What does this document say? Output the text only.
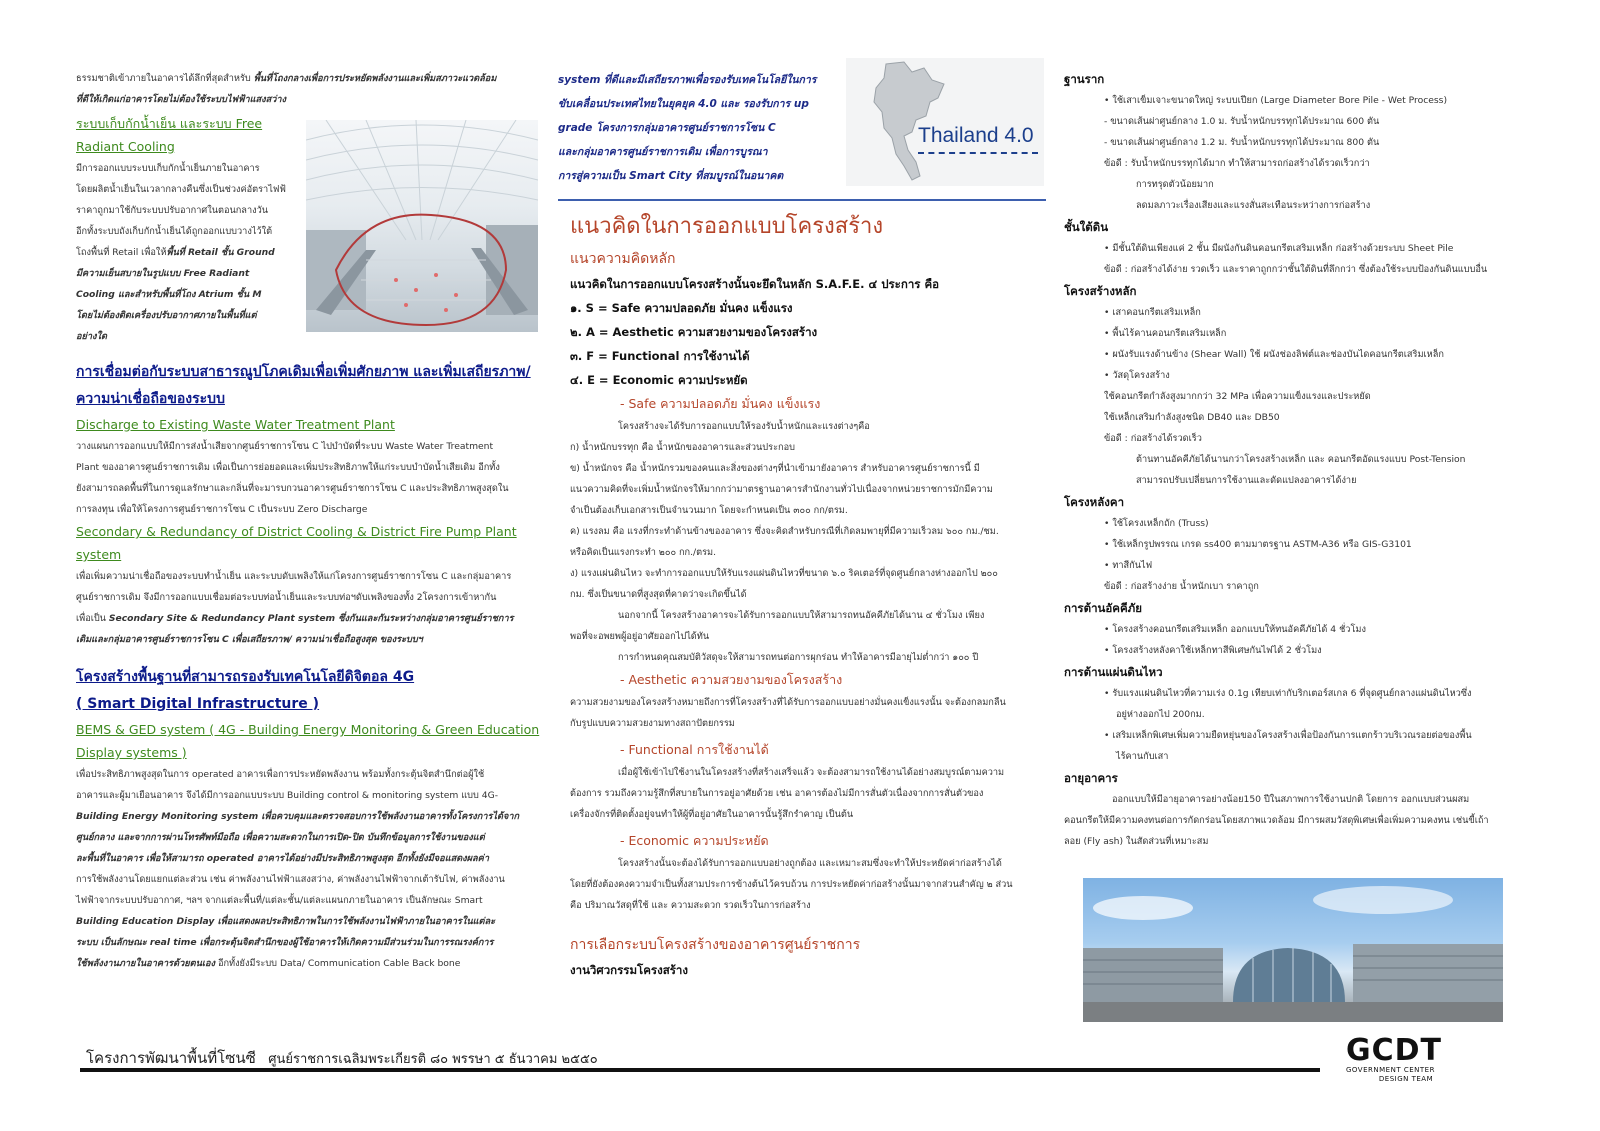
ธรรมชาติเข้าภายในอาคารได้ลึกที่สุดสำหรับ พื้นที่โถงกลางเพื่อการประหยัดพลังงานและเพิ่มสภาวะแวดล้อม

ที่ดีให้เกิดแก่อาคารโดยไม่ต้องใช้ระบบไฟฟ้าแสงสว่าง

ระบบเก็บกักน้ำเย็น และระบบ Free

Radiant Cooling

มีการออกแบบระบบเก็บกักน้ำเย็นภายในอาคาร

โดยผลิตน้ำเย็นในเวลากลางคืนซึ่งเป็นช่วงค่อัตราไฟฟ้

ราคาถูกมาใช้กับระบบปรับอากาศในตอนกลางวัน

อีกทั้งระบบถังเก็บกักน้ำเย็นได้ถูกออกแบบวางไว้ใต้

โถงพื้นที่ Retail เพื่อให้พื้นที่ Retail ชั้น Ground

มีความเย็นสบายในรูปแบบ Free Radiant

Cooling และสำหรับพื้นที่โถง Atrium ชั้น M

โดยไม่ต้องติดเครื่องปรับอากาศภายในพื้นที่แต่

อย่างใด

การเชื่อมต่อกับระบบสาธารณูปโภคเดิมเพื่อเพิ่มศักยภาพ และเพิ่มเสถียรภาพ/

ความน่าเชื่อถือของระบบ

Discharge to Existing Waste Water Treatment Plant

วางแผนการออกแบบให้มีการส่งน้ำเสียจากศูนย์ราชการโซน C ไปบำบัดที่ระบบ Waste Water Treatment

Plant ของอาคารศูนย์ราชการเดิม เพื่อเป็นการย่อยอดและเพิ่มประสิทธิภาพให้แก่ระบบบำบัดน้ำเสียเดิม อีกทั้ง

ยังสามารถลดพื้นที่ในการดูแลรักษาและกลิ่นที่จะมารบกวนอาคารศูนย์ราชการโซน C และประสิทธิภาพสูงสุดใน

การลงทุน เพื่อให้โครงการศูนย์ราชการโซน C เป็นระบบ Zero Discharge

Secondary & Redundancy of District Cooling & District Fire Pump Plant

system

เพื่อเพิ่มความน่าเชื่อถือของระบบทำน้ำเย็น และระบบดับเพลิงให้แก่โครงการศูนย์ราชการโซน C และกลุ่มอาคาร

ศูนย์ราชการเดิม จึงมีการออกแบบเชื่อมต่อระบบท่อน้ำเย็นและระบบท่อฯดับเพลิงของทั้ง 2โครงการเข้าหากัน

เพื่อเป็น Secondary Site & Redundancy Plant system ซึ่งกันและกันระหว่างกลุ่มอาคารศูนย์ราชการ

เดิมและกลุ่มอาคารศูนย์ราชการโซน C เพื่อเสถียรภาพ/ ความน่าเชื่อถือสูงสุด ของระบบฯ

โครงสร้างพื้นฐานที่สามารถรองรับเทคโนโลยีดิจิตอล 4G

( Smart Digital Infrastructure )

BEMS & GED system ( 4G - Building Energy Monitoring & Green Education

Display systems )

เพื่อประสิทธิภาพสูงสุดในการ operated อาคารเพื่อการประหยัดพลังงาน พร้อมทั้งกระตุ้นจิตสำนึกต่อผู้ใช้

อาคารและผู้มาเยือนอาคาร จึงได้มีการออกแบบระบบ Building control & monitoring system แบบ 4G-

Building Energy Monitoring system เพื่อควบคุมและตรวจสอบการใช้พลังงานอาคารทั้งโครงการได้จาก

ศูนย์กลาง และจากการผ่านโทรศัพท์มือถือ เพื่อความสะดวกในการเปิด-ปิด บันทึกข้อมูลการใช้งานของแต่

ละพื้นที่ในอาคาร เพื่อให้สามารถ operated อาคารได้อย่างมีประสิทธิภาพสูงสุด อีกทั้งยังมีจอแสดงผลค่า

การใช้พลังงานโดยแยกแต่ละส่วน เช่น ค่าพลังงานไฟฟ้าแสงสว่าง, ค่าพลังงานไฟฟ้าจากเต้ารับไฟ, ค่าพลังงาน

ไฟฟ้าจากระบบปรับอากาศ, ฯลฯ จากแต่ละพื้นที่/แต่ละชั้น/แต่ละแผนกภายในอาคาร เป็นลักษณะ Smart

Building Education Display เพื่อแสดงผลประสิทธิภาพในการใช้พลังงานไฟฟ้าภายในอาคารในแต่ละ

ระบบ เป็นลักษณะ real time เพื่อกระตุ้นจิตสำนึกของผู้ใช้อาคารให้เกิดความมีส่วนร่วมในการรณรงค์การ

ใช้พลังงานภายในอาคารด้วยตนเอง อีกทั้งยังมีระบบ Data/ Communication Cable Back bone

system ที่ดีและมีเสถียรภาพเพื่อรองรับเทคโนโลยีในการ

ขับเคลื่อนประเทศไทยในยุคยุค 4.0 และ รองรับการ up

grade โครงการกลุ่มอาคารศูนย์ราชการโซน C

และกลุ่มอาคารศูนย์ราชการเดิม เพื่อการบูรณา

การสู่ความเป็น Smart City ที่สมบูรณ์ในอนาคต

Thailand 4.0

แนวคิดในการออกแบบโครงสร้าง

แนวความคิดหลัก

แนวคิดในการออกแบบโครงสร้างนั้นจะยึดในหลัก S.A.F.E. ๔ ประการ คือ

๑. S = Safe ความปลอดภัย มั่นคง แข็งแรง

๒. A = Aesthetic ความสวยงามของโครงสร้าง

๓. F = Functional การใช้งานได้

๔. E = Economic ความประหยัด

- Safe ความปลอดภัย มั่นคง แข็งแรง

โครงสร้างจะได้รับการออกแบบให้รองรับน้ำหนักและแรงต่างๆคือ

ก) น้ำหนักบรรทุก คือ น้ำหนักของอาคารและส่วนประกอบ

ข) น้ำหนักจร คือ น้ำหนักรวมของคนและสิ่งของต่างๆที่นำเข้ามายังอาคาร สำหรับอาคารศูนย์ราชการนี้ มี

แนวความคิดที่จะเพิ่มน้ำหนักจรให้มากกว่ามาตรฐานอาคารสำนักงานทั่วไปเนื่องจากหน่วยราชการมักมีความ

จำเป็นต้องเก็บเอกสารเป็นจำนวนมาก โดยจะกำหนดเป็น ๓๐๐ กก/ตรม.

ค) แรงลม คือ แรงที่กระทำด้านข้างของอาคาร ซึ่งจะคิดสำหรับกรณีที่เกิดลมพายุที่มีความเร็วลม ๖๐๐ กม./ชม.

หรือคิดเป็นแรงกระทำ ๒๐๐ กก./ตรม.

ง) แรงแผ่นดินไหว จะทำการออกแบบให้รับแรงแผ่นดินไหวที่ขนาด ๖.๐ ริคเตอร์ที่จุดศูนย์กลางห่างออกไป ๒๐๐

กม. ซึ่งเป็นขนาดที่สูงสุดที่คาดว่าจะเกิดขึ้นได้

นอกจากนี้ โครงสร้างอาคารจะได้รับการออกแบบให้สามารถทนอัคคีภัยได้นาน ๔ ชั่วโมง เพียง

พอที่จะอพยพผู้อยู่อาศัยออกไปได้ทัน

การกำหนดคุณสมบัติวัสดุจะให้สามารถทนต่อการผุกร่อน ทำให้อาคารมีอายุไม่ต่ำกว่า ๑๐๐ ปี

- Aesthetic ความสวยงามของโครงสร้าง

ความสวยงามของโครงสร้างหมายถึงการที่โครงสร้างที่ได้รับการออกแบบอย่างมั่นคงแข็งแรงนั้น จะต้องกลมกลืน

กับรูปแบบความสวยงามทางสถาปัตยกรรม

- Functional การใช้งานได้

เมื่อผู้ใช้เข้าไปใช้งานในโครงสร้างที่สร้างเสร็จแล้ว จะต้องสามารถใช้งานได้อย่างสมบูรณ์ตามความ

ต้องการ รวมถึงความรู้สึกที่สบายในการอยู่อาศัยด้วย เช่น อาคารต้องไม่มีการสั่นตัวเนื่องจากการสั่นตัวของ

เครื่องจักรที่ติดตั้งอยู่จนทำให้ผู้ที่อยู่อาศัยในอาคารนั้นรู้สึกรำคาญ เป็นต้น

- Economic ความประหยัด

โครงสร้างนั้นจะต้องได้รับการออกแบบอย่างถูกต้อง และเหมาะสมซึ่งจะทำให้ประหยัดค่าก่อสร้างได้

โดยที่ยังต้องคงความจำเป็นทั้งสามประการข้างต้นไว้ครบถ้วน การประหยัดค่าก่อสร้างนั้นมาจากส่วนสำคัญ ๒ ส่วน

คือ ปริมาณวัสดุที่ใช้ และ ความสะดวก รวดเร็วในการก่อสร้าง

การเลือกระบบโครงสร้างของอาคารศูนย์ราชการ

งานวิศวกรรมโครงสร้าง

ฐานราก

• ใช้เสาเข็มเจาะขนาดใหญ่ ระบบเปียก (Large Diameter Bore Pile - Wet Process)

- ขนาดเส้นผ่าศูนย์กลาง 1.0 ม. รับน้ำหนักบรรทุกได้ประมาณ 600 ตัน

- ขนาดเส้นผ่าศูนย์กลาง 1.2 ม. รับน้ำหนักบรรทุกได้ประมาณ 800 ตัน

ข้อดี : รับน้ำหนักบรรทุกได้มาก ทำให้สามารถก่อสร้างได้รวดเร็วกว่า

การทรุดตัวน้อยมาก

ลดมลภาวะเรื่องเสียงและแรงสั่นสะเทือนระหว่างการก่อสร้าง

ชั้นใต้ดิน

• มีชั้นใต้ดินเพียงแค่ 2 ชั้น มีผนังกันดินคอนกรีตเสริมเหล็ก ก่อสร้างด้วยระบบ Sheet Pile

ข้อดี : ก่อสร้างได้ง่าย รวดเร็ว และราคาถูกกว่าชั้นใต้ดินที่ลึกกว่า ซึ่งต้องใช้ระบบป้องกันดินแบบอื่น

โครงสร้างหลัก

• เสาคอนกรีตเสริมเหล็ก

• พื้นไร้คานคอนกรีตเสริมเหล็ก

• ผนังรับแรงด้านข้าง (Shear Wall) ใช้ ผนังช่องลิฟต์และช่องบันไดคอนกรีตเสริมเหล็ก

• วัสดุโครงสร้าง

ใช้คอนกรีตกำลังสูงมากกว่า 32 MPa เพื่อความแข็งแรงและประหยัด

ใช้เหล็กเสริมกำลังสูงชนิด DB40 และ DB50

ข้อดี : ก่อสร้างได้รวดเร็ว

ต้านทานอัคคีภัยได้นานกว่าโครงสร้างเหล็ก และ คอนกรีตอัดแรงแบบ Post-Tension

สามารถปรับเปลี่ยนการใช้งานและดัดแปลงอาคารได้ง่าย

โครงหลังคา

• ใช้โครงเหล็กถัก (Truss)

• ใช้เหล็กรูปพรรณ เกรด ss400 ตามมาตรฐาน ASTM-A36 หรือ GIS-G3101

• ทาสีกันไฟ

ข้อดี : ก่อสร้างง่าย น้ำหนักเบา ราคาถูก

การต้านอัคคีภัย

• โครงสร้างคอนกรีตเสริมเหล็ก ออกแบบให้ทนอัคคีภัยได้ 4 ชั่วโมง

• โครงสร้างหลังคาใช้เหล็กทาสีพิเศษกันไฟได้ 2 ชั่วโมง

การต้านแผ่นดินไหว

• รับแรงแผ่นดินไหวที่ความเร่ง 0.1g เทียบเท่ากับริกเตอร์สเกล 6 ที่จุดศูนย์กลางแผ่นดินไหวซึ่ง

อยู่ห่างออกไป 200กม.

• เสริมเหล็กพิเศษเพิ่มความยืดหยุ่นของโครงสร้างเพื่อป้องกันการแตกร้าวบริเวณรอยต่อของพื้น

ไร้คานกับเสา

อายุอาคาร

ออกแบบให้มีอายุอาคารอย่างน้อย150 ปีในสภาพการใช้งานปกติ โดยการ ออกแบบส่วนผสม

คอนกรีตให้มีความคงทนต่อการกัดกร่อนโดยสภาพแวดล้อม มีการผสมวัสดุพิเศษเพื่อเพิ่มความคงทน เช่นขี้เถ้า

ลอย (Fly ash) ในสัดส่วนที่เหมาะสม

โครงการพัฒนาพื้นที่โซนซี ศูนย์ราชการเฉลิมพระเกียรติ ๘๐ พรรษา ๕ ธันวาคม ๒๕๕๐	GCDT
GOVERNMENT CENTER
DESIGN TEAM
